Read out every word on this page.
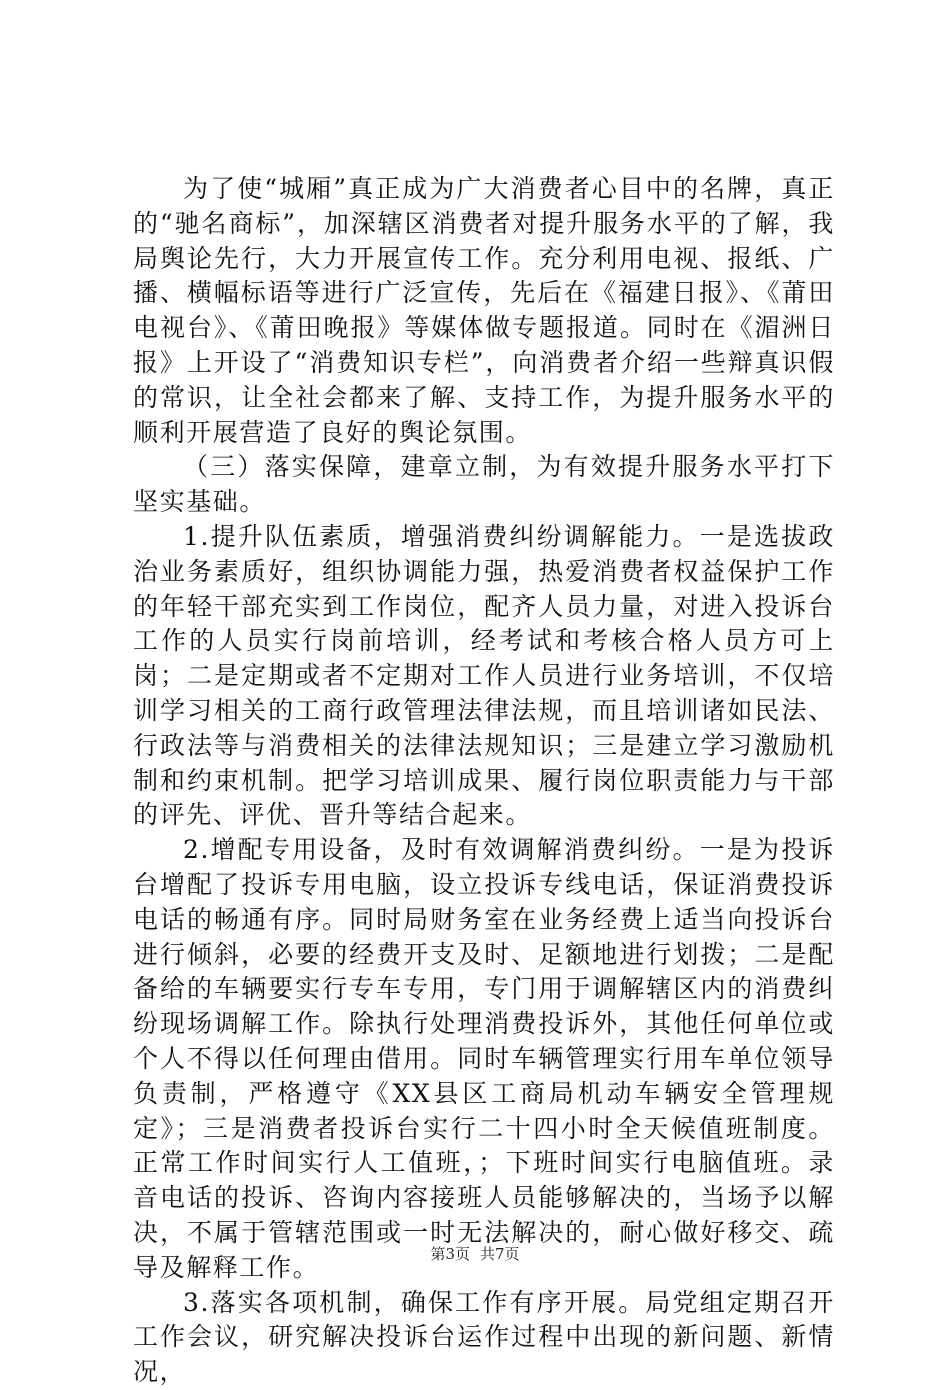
为了使“城厢”真正成为广大消费者心目中的名牌，真正的“驰名商标”，加深辖区消费者对提升服务水平的了解，我局舆论先行，大力开展宣传工作。充分利用电视、报纸、广播、横幅标语等进行广泛宣传，先后在《福建日报》、《莆田电视台》、《莆田晚报》等媒体做专题报道。同时在《湄洲日报》上开设了“消费知识专栏”，向消费者介绍一些辩真识假的常识，让全社会都来了解、支持工作，为提升服务水平的顺利开展营造了良好的舆论氛围。

（三）落实保障，建章立制，为有效提升服务水平打下坚实基础。

1.提升队伍素质，增强消费纠纷调解能力。一是选拔政治业务素质好，组织协调能力强，热爱消费者权益保护工作的年轻干部充实到工作岗位，配齐人员力量，对进入投诉台工作的人员实行岗前培训，经考试和考核合格人员方可上岗；二是定期或者不定期对工作人员进行业务培训，不仅培训学习相关的工商行政管理法律法规，而且培训诸如民法、行政法等与消费相关的法律法规知识；三是建立学习激励机制和约束机制。把学习培训成果、履行岗位职责能力与干部的评先、评优、晋升等结合起来。

2.增配专用设备，及时有效调解消费纠纷。一是为投诉台增配了投诉专用电脑，设立投诉专线电话，保证消费投诉电话的畅通有序。同时局财务室在业务经费上适当向投诉台进行倾斜，必要的经费开支及时、足额地进行划拨；二是配备给的车辆要实行专车专用，专门用于调解辖区内的消费纠纷现场调解工作。除执行处理消费投诉外，其他任何单位或个人不得以任何理由借用。同时车辆管理实行用车单位领导负责制，严格遵守《XX县区工商局机动车辆安全管理规定》；三是消费者投诉台实行二十四小时全天候值班制度。正常工作时间实行人工值班，；下班时间实行电脑值班。录音电话的投诉、咨询内容接班人员能够解决的，当场予以解决，不属于管辖范围或一时无法解决的，耐心做好移交、疏导及解释工作。

3.落实各项机制，确保工作有序开展。局党组定期召开工作会议，研究解决投诉台运作过程中出现的新问题、新情况，

第3页 共7页
